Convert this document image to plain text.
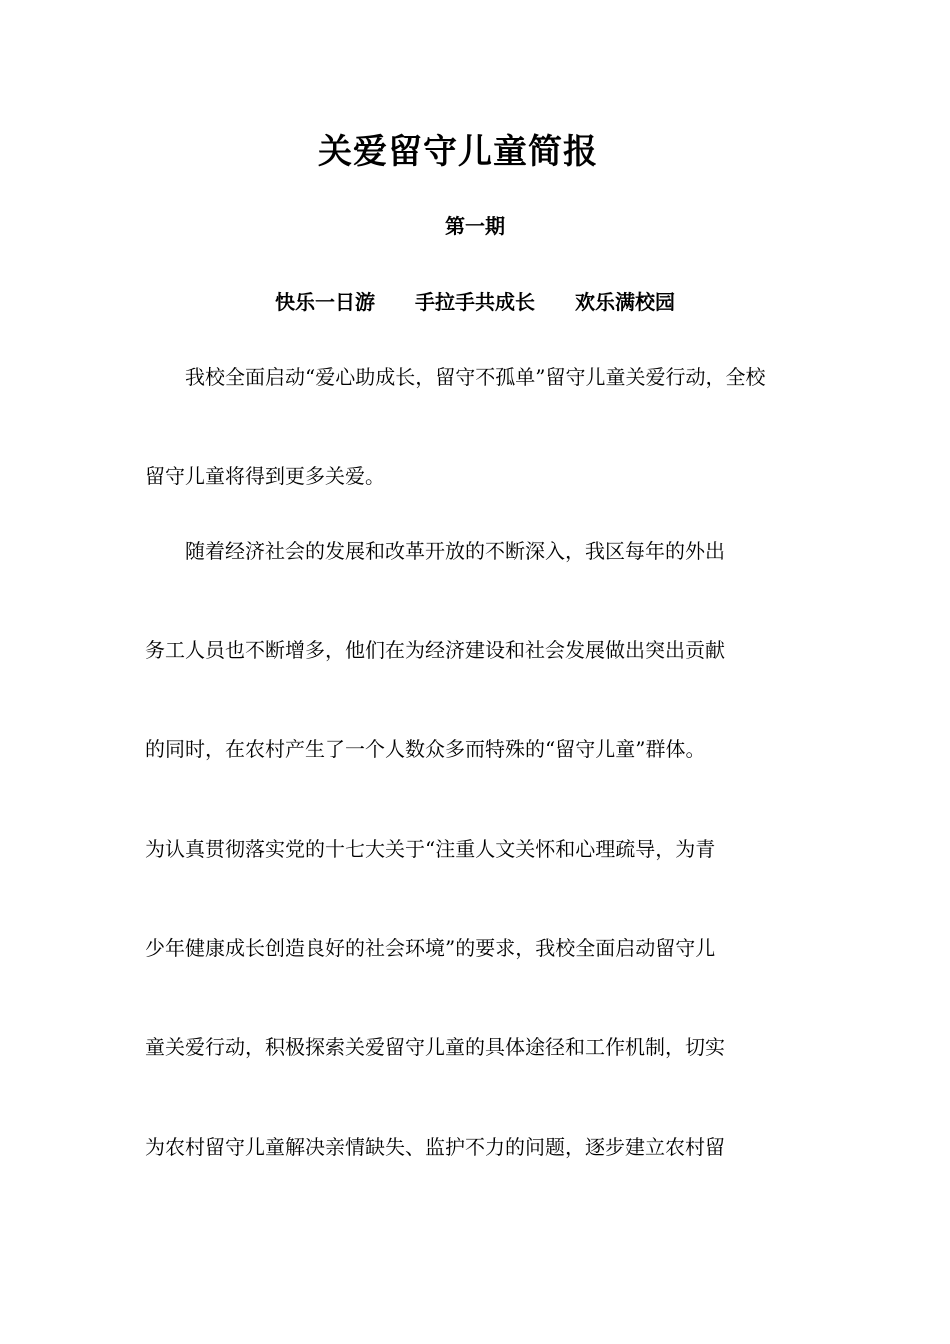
关爱留守儿童简报
第一期
快乐一日游　　手拉手共成长　　欢乐满校园
　　我校全面启动“爱心助成长，留守不孤单”留守儿童关爱行动，全校
留守儿童将得到更多关爱。
　　随着经济社会的发展和改革开放的不断深入，我区每年的外出
务工人员也不断增多，他们在为经济建设和社会发展做出突出贡献
的同时，在农村产生了一个人数众多而特殊的“留守儿童”群体。
为认真贯彻落实党的十七大关于“注重人文关怀和心理疏导，为青
少年健康成长创造良好的社会环境”的要求，我校全面启动留守儿
童关爱行动，积极探索关爱留守儿童的具体途径和工作机制，切实
为农村留守儿童解决亲情缺失、监护不力的问题，逐步建立农村留
